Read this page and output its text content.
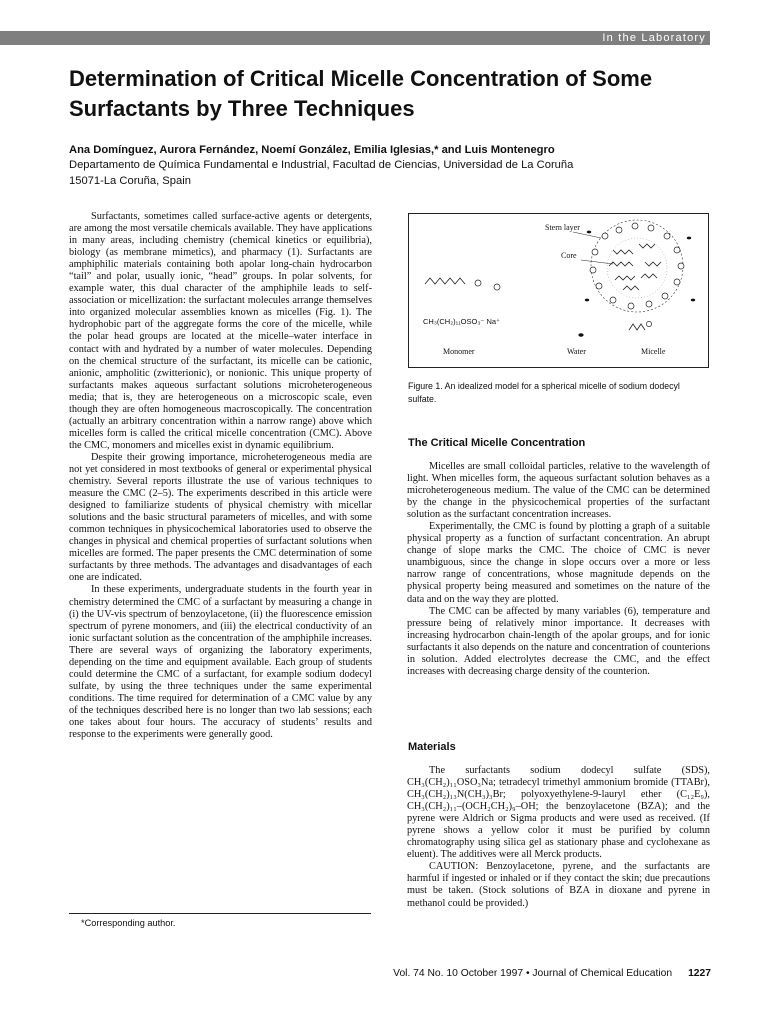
In the Laboratory
Determination of Critical Micelle Concentration of Some Surfactants by Three Techniques
Ana Domínguez, Aurora Fernández, Noemí González, Emilia Iglesias,* and Luis Montenegro
Departamento de Química Fundamental e Industrial, Facultad de Ciencias, Universidad de La Coruña
15071-La Coruña, Spain

Surfactants, sometimes called surface-active agents or detergents, are among the most versatile chemicals available. They have applications in many areas, including chemistry (chemical kinetics or equilibria), biology (as membrane mimetics), and pharmacy (1). Surfactants are amphiphilic materials containing both apolar long-chain hydrocarbon “tail” and polar, usually ionic, “head” groups. In polar solvents, for example water, this dual character of the amphiphile leads to self-association or micellization: the surfactant molecules arrange themselves into organized molecular assemblies known as micelles (Fig. 1). The hydrophobic part of the aggregate forms the core of the micelle, while the polar head groups are located at the micelle–water interface in contact with and hydrated by a number of water molecules. Depending on the chemical structure of the surfactant, its micelle can be cationic, anionic, ampholitic (zwitterionic), or nonionic. This unique property of surfactants makes aqueous surfactant solutions microheterogeneous media; that is, they are heterogeneous on a microscopic scale, even though they are often homogeneous macroscopically. The concentration (actually an arbitrary concentration within a narrow range) above which micelles form is called the critical micelle concentration (CMC). Above the CMC, monomers and micelles exist in dynamic equilibrium.

Despite their growing importance, microheterogeneous media are not yet considered in most textbooks of general or experimental physical chemistry. Several reports illustrate the use of various techniques to measure the CMC (2–5). The experiments described in this article were designed to familiarize students of physical chemistry with micellar solutions and the basic structural parameters of micelles, and with some common techniques in physicochemical laboratories used to observe the changes in physical and chemical properties of surfactant solutions when micelles are formed. The paper presents the CMC determination of some surfactants by three methods. The advantages and disadvantages of each one are indicated.

In these experiments, undergraduate students in the fourth year in chemistry determined the CMC of a surfactant by measuring a change in (i) the UV-vis spectrum of benzoylacetone, (ii) the fluorescence emission spectrum of pyrene monomers, and (iii) the electrical conductivity of an ionic surfactant solution as the concentration of the amphiphile increases. There are several ways of organizing the laboratory experiments, depending on the time and equipment available. Each group of students could determine the CMC of a surfactant, for example sodium dodecyl sulfate, by using the three techniques under the same experimental conditions. The time required for determination of a CMC value by any of the techniques described here is no longer than two lab sessions; each one takes about four hours. The accuracy of students’ results and response to the experiments were generally good.

Stern layer
Core
CH₃(CH₂)₁₁OSO₃⁻ Na⁺
Monomer	Water	Micelle
Figure 1. An idealized model for a spherical micelle of sodium dodecyl sulfate.
The Critical Micelle Concentration

Micelles are small colloidal particles, relative to the wavelength of light. When micelles form, the aqueous surfactant solution behaves as a microheterogeneous medium. The value of the CMC can be determined by the change in the physicochemical properties of the surfactant solution as the surfactant concentration increases.

Experimentally, the CMC is found by plotting a graph of a suitable physical property as a function of surfactant concentration. An abrupt change of slope marks the CMC. The choice of CMC is never unambiguous, since the change in slope occurs over a more or less narrow range of concentrations, whose magnitude depends on the physical property being measured and sometimes on the nature of the data and on the way they are plotted.

The CMC can be affected by many variables (6), temperature and pressure being of relatively minor importance. It decreases with increasing hydrocarbon chain-length of the apolar groups, and for ionic surfactants it also depends on the nature and concentration of counterions in solution. Added electrolytes decrease the CMC, and the effect increases with decreasing charge density of the counterion.

Materials

The surfactants sodium dodecyl sulfate (SDS), CH₃(CH₂)₁₁OSO₃Na; tetradecyl trimethyl ammonium bromide (TTABr), CH₃(CH₂)₁₃N(CH₃)₃Br; polyoxyethylene-9-lauryl ether (C₁₂E₉), CH₃(CH₂)₁₁–(OCH₂CH₂)₉–OH; the benzoylacetone (BZA); and the pyrene were Aldrich or Sigma products and were used as received. (If pyrene shows a yellow color it must be purified by column chromatography using silica gel as stationary phase and cyclohexane as eluent). The additives were all Merck products.

CAUTION: Benzoylacetone, pyrene, and the surfactants are harmful if ingested or inhaled or if they contact the skin; due precautions must be taken. (Stock solutions of BZA in dioxane and pyrene in methanol could be provided.)

*Corresponding author.
Vol. 74 No. 10 October 1997 • Journal of Chemical Education 1227
